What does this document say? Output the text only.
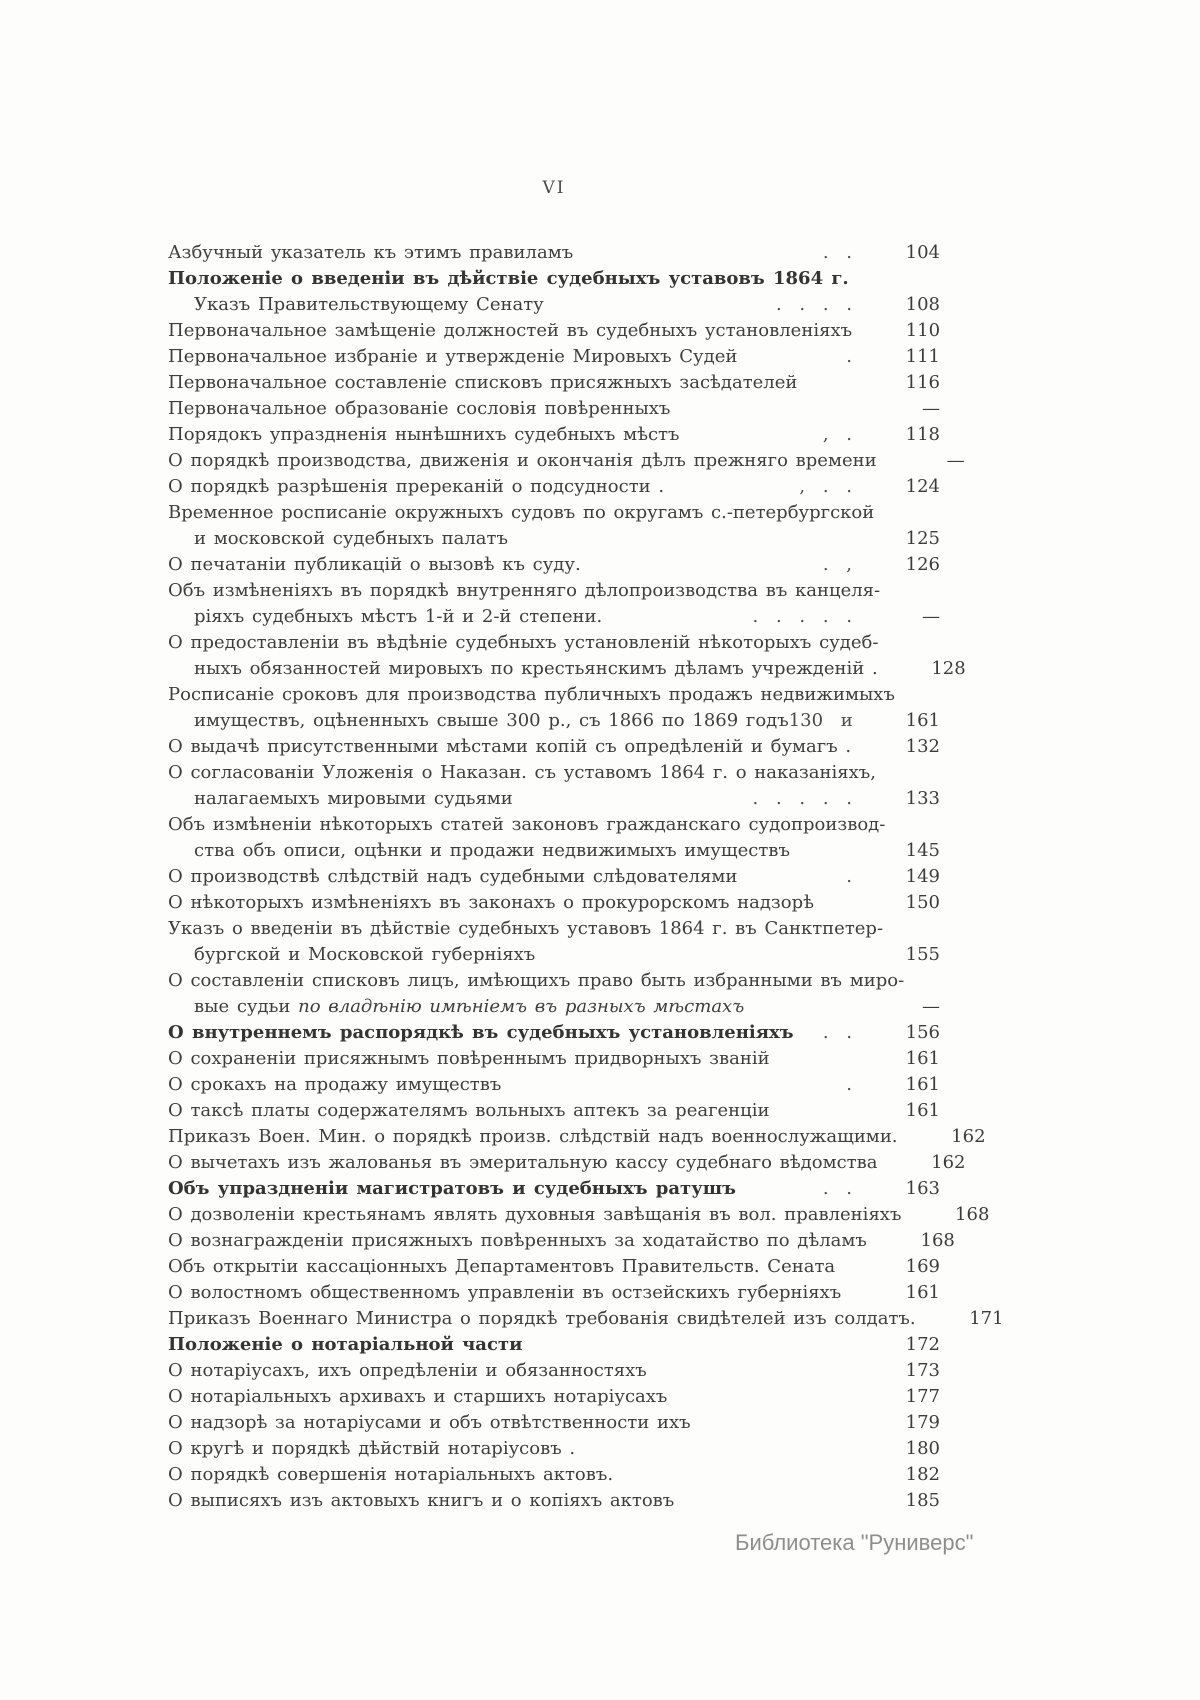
VI
Азбучный указатель къ этимъ правиламъ	. .	104
Положеніе о введеніи въ дѣйствіе судебныхъ уставовъ 1864 г.
Указъ Правительствующему Сенату	. . . .	108
Первоначальное замѣщеніе должностей въ судебныхъ установленіяхъ	110
Первоначальное избраніе и утвержденіе Мировыхъ Судей	.	111
Первоначальное составленіе списковъ присяжныхъ засѣдателей	116
Первоначальное образованіе сословія повѣренныхъ	—
Порядокъ упраздненія нынѣшнихъ судебныхъ мѣстъ	, .	118
О порядкѣ производства, движенія и окончанія дѣлъ прежняго времени	—
О порядкѣ разрѣшенія пререканій о подсудности .	, . .	124
Временное росписаніе окружныхъ судовъ по округамъ с.-петербургской
и московской судебныхъ палатъ	125
О печатаніи публикацій о вызовѣ къ суду.	. ,	126
Объ измѣненіяхъ въ порядкѣ внутренняго дѣлопроизводства въ канцеля-
ріяхъ судебныхъ мѣстъ 1-й и 2-й степени.	. . . . .	—
О предоставленіи въ вѣдѣніе судебныхъ установленій нѣкоторыхъ судеб-
ныхъ обязанностей мировыхъ по крестьянскимъ дѣламъ учрежденій .	128
Росписаніе сроковъ для производства публичныхъ продажъ недвижимыхъ
имуществъ, оцѣненныхъ свыше 300 р., съ 1866 по 1869 годъ 130 и	161
О выдачѣ присутственными мѣстами копій съ опредѣленій и бумагъ .	132
О согласованіи Уложенія о Наказан. съ уставомъ 1864 г. о наказаніяхъ,
налагаемыхъ мировыми судьями	. . . . .	133
Объ измѣненіи нѣкоторыхъ статей законовъ гражданскаго судопроизвод-
ства объ описи, оцѣнки и продажи недвижимыхъ имуществъ	145
О производствѣ слѣдствій надъ судебными слѣдователями	.	149
О нѣкоторыхъ измѣненіяхъ въ законахъ о прокурорскомъ надзорѣ	150
Указъ о введеніи въ дѣйствіе судебныхъ уставовъ 1864 г. въ Санктпетер-
бургской и Московской губерніяхъ	155
О составленіи списковъ лицъ, имѣющихъ право быть избранными въ миро-
вые судьи по владѣнію имѣніемъ въ разныхъ мѣстахъ	—
О внутреннемъ распорядкѣ въ судебныхъ установленіяхъ	. .	156
О сохраненіи присяжнымъ повѣреннымъ придворныхъ званій	161
О срокахъ на продажу имуществъ	.	161
О таксѣ платы содержателямъ вольныхъ аптекъ за реагенціи	161
Приказъ Воен. Мин. о порядкѣ произв. слѣдствій надъ военнослужащими.	162
О вычетахъ изъ жалованья въ эмеритальную кассу судебнаго вѣдомства	162
Объ упраздненіи магистратовъ и судебныхъ ратушъ	. .	163
О дозволеніи крестьянамъ являть духовныя завѣщанія въ вол. правленіяхъ	168
О вознагражденіи присяжныхъ повѣренныхъ за ходатайство по дѣламъ	168
Объ открытіи кассаціонныхъ Департаментовъ Правительств. Сената	169
О волостномъ общественномъ управленіи въ остзейскихъ губерніяхъ	161
Приказъ Военнаго Министра о порядкѣ требованія свидѣтелей изъ солдатъ.	171
Положеніе о нотаріальной части	172
О нотаріусахъ, ихъ опредѣленіи и обязанностяхъ	173
О нотаріальныхъ архивахъ и старшихъ нотаріусахъ	177
О надзорѣ за нотаріусами и объ отвѣтственности ихъ	179
О кругѣ и порядкѣ дѣйствій нотаріусовъ .	180
О порядкѣ совершенія нотаріальныхъ актовъ.	182
О выписяхъ изъ актовыхъ книгъ и о копіяхъ актовъ	185
Библиотека "Руниверс"
